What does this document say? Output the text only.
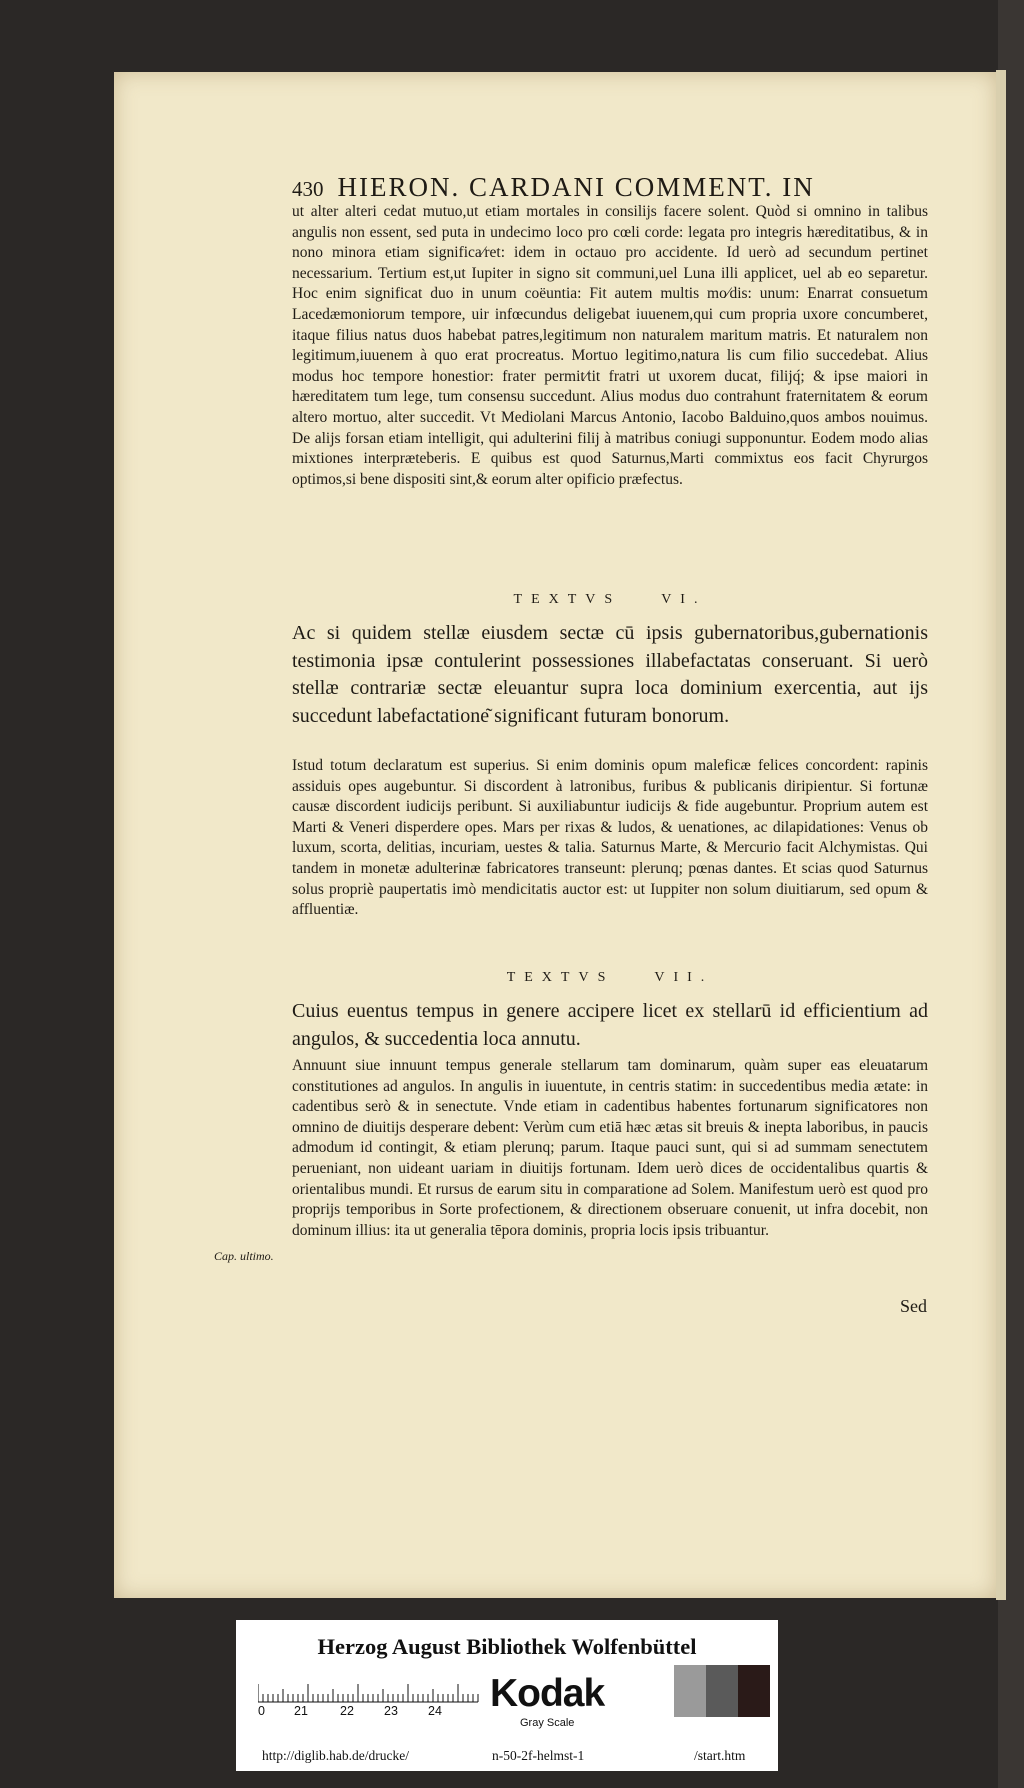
430 HIERON. CARDANI COMMENT. IN
ut alter alteri cedat mutuo,ut etiam mortales in consilijs facere solent. Quòd si omnino in talibus angulis non essent, sed puta in undecimo loco pro cœli corde: legata pro integris hæreditatibus, & in nono minora etiam significa⁄ret: idem in octauo pro accidente. Id uerò ad secundum pertinet necessarium. Tertium est,ut Iupiter in signo sit communi,uel Luna illi applicet, uel ab eo separetur. Hoc enim significat duo in unum coëuntia: Fit autem multis mo⁄dis: unum: Enarrat consuetum Lacedæmoniorum tempore, uir infœcundus deligebat iuuenem,qui cum propria uxore concumberet, itaque filius natus duos habebat patres,legitimum non naturalem maritum matris. Et naturalem non legitimum,iuuenem à quo erat procreatus. Mortuo legitimo,natura lis cum filio succedebat. Alius modus hoc tempore honestior: frater permit⁄tit fratri ut uxorem ducat, filijq́; & ipse maiori in hæreditatem tum lege, tum consensu succedunt. Alius modus duo contrahunt fraternitatem & eorum altero mortuo, alter succedit. Vt Mediolani Marcus Antonio, Iacobo Balduino,quos ambos nouimus. De alijs forsan etiam intelligit, qui adulterini filij à matribus coniugi supponuntur. Eodem modo alias mixtiones interpræteberis. E quibus est quod Saturnus,Marti commixtus eos facit Chyrurgos optimos,si bene dispositi sint,& eorum alter opificio præfectus.
TEXTVS	VI.
Ac si quidem stellæ eiusdem sectæ cū ipsis gubernatoribus,gubernationis testimonia ipsæ contulerint possessiones illabefactatas conseruant. Si uerò stellæ contrariæ sectæ eleuantur supra loca dominium exercentia, aut ijs succedunt labefactatione͂ significant futuram bonorum.
Istud totum declaratum est superius. Si enim dominis opum maleficæ felices concordent: rapinis assiduis opes augebuntur. Si discordent à latronibus, furibus & publicanis diripientur. Si fortunæ causæ discordent iudicijs peribunt. Si auxiliabuntur iudicijs & fide augebuntur. Proprium autem est Marti & Veneri disperdere opes. Mars per rixas & ludos, & uenationes, ac dilapidationes: Venus ob luxum, scorta, delitias, incuriam, uestes & talia. Saturnus Marte, & Mercurio facit Alchymistas. Qui tandem in monetæ adulterinæ fabricatores transeunt: plerunq; pœnas dantes. Et scias quod Saturnus solus propriè paupertatis imò mendicitatis auctor est: ut Iuppiter non solum diuitiarum, sed opum & affluentiæ.
TEXTVS	VII.
Cuius euentus tempus in genere accipere licet ex stellarū id efficientium ad angulos, & succedentia loca annutu.
Annuunt siue innuunt tempus generale stellarum tam dominarum, quàm super eas eleuatarum constitutiones ad angulos. In angulis in iuuentute, in centris statim: in succedentibus media ætate: in cadentibus serò & in senectute. Vnde etiam in cadentibus habentes fortunarum significatores non omnino de diuitijs desperare debent: Verùm cum etiā hæc ætas sit breuis & inepta laboribus, in paucis admodum id contingit, & etiam plerunq; parum. Itaque pauci sunt, qui si ad summam senectutem perueniant, non uideant uariam in diuitijs fortunam. Idem uerò dices de occidentalibus quartis & orientalibus mundi. Et rursus de earum situ in comparatione ad Solem. Manifestum uerò est quod pro proprijs temporibus in Sorte profectionem, & directionem obseruare conuenit, ut infra docebit, non dominum illius: ita ut generalia tēpora dominis, propria locis ipsis tribuantur.
Cap. ultimo.
Sed
Herzog August Bibliothek Wolfenbüttel
0 21	22 23 24 Kodak
Gray Scale
http://diglib.hab.de/drucke/	n-50-2f-helmst-1	/start.htm
